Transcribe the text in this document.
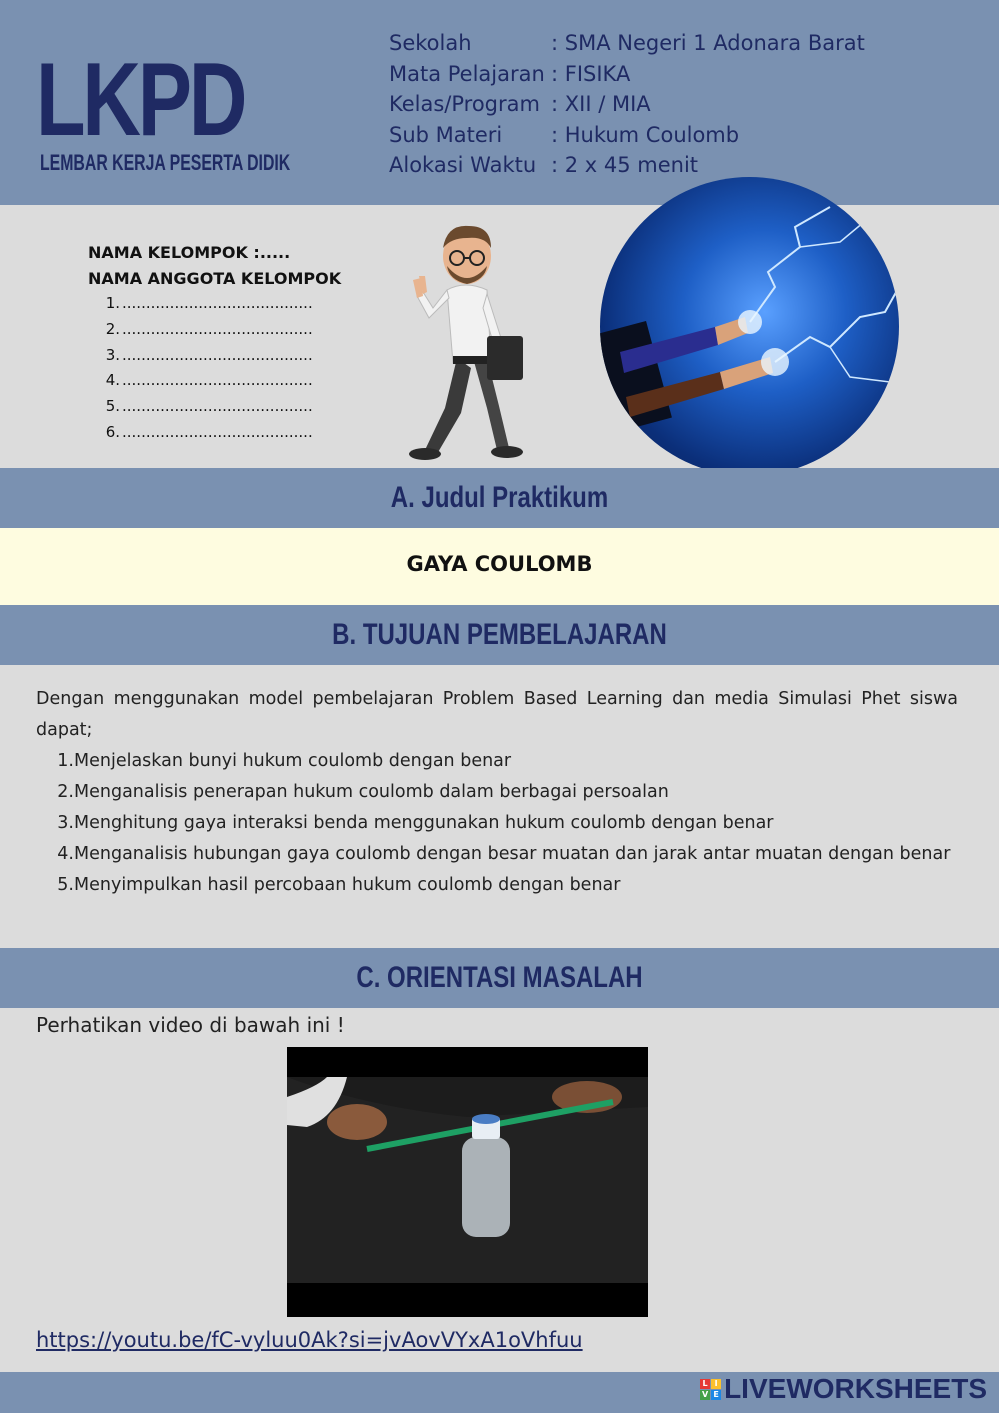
LKPD
LEMBAR KERJA PESERTA DIDIK
Sekolah	: SMA Negeri 1 Adonara Barat
Mata Pelajaran : FISIKA
Kelas/Program : XII / MIA
Sub Materi : Hukum Coulomb
Alokasi Waktu : 2 x 45 menit
NAMA KELOMPOK :.....
NAMA ANGGOTA KELOMPOK
1. ........................................
2. ........................................
3. ........................................
4. ........................................
5. ........................................
6. ........................................
A. Judul Praktikum
GAYA COULOMB
B. TUJUAN PEMBELAJARAN
Dengan menggunakan model pembelajaran Problem Based Learning dan media Simulasi Phet siswa dapat;
1. Menjelaskan bunyi hukum coulomb dengan benar
2. Menganalisis penerapan hukum coulomb dalam berbagai persoalan
3. Menghitung gaya interaksi benda menggunakan hukum coulomb dengan benar
4. Menganalisis hubungan gaya coulomb dengan besar muatan dan jarak antar muatan dengan benar
5. Menyimpulkan hasil percobaan hukum coulomb dengan benar
C. ORIENTASI MASALAH
Perhatikan video di bawah ini !
https://youtu.be/fC-vyluu0Ak?si=jvAovVYxA1oVhfuu
L I
V E LIVEWORKSHEETS
